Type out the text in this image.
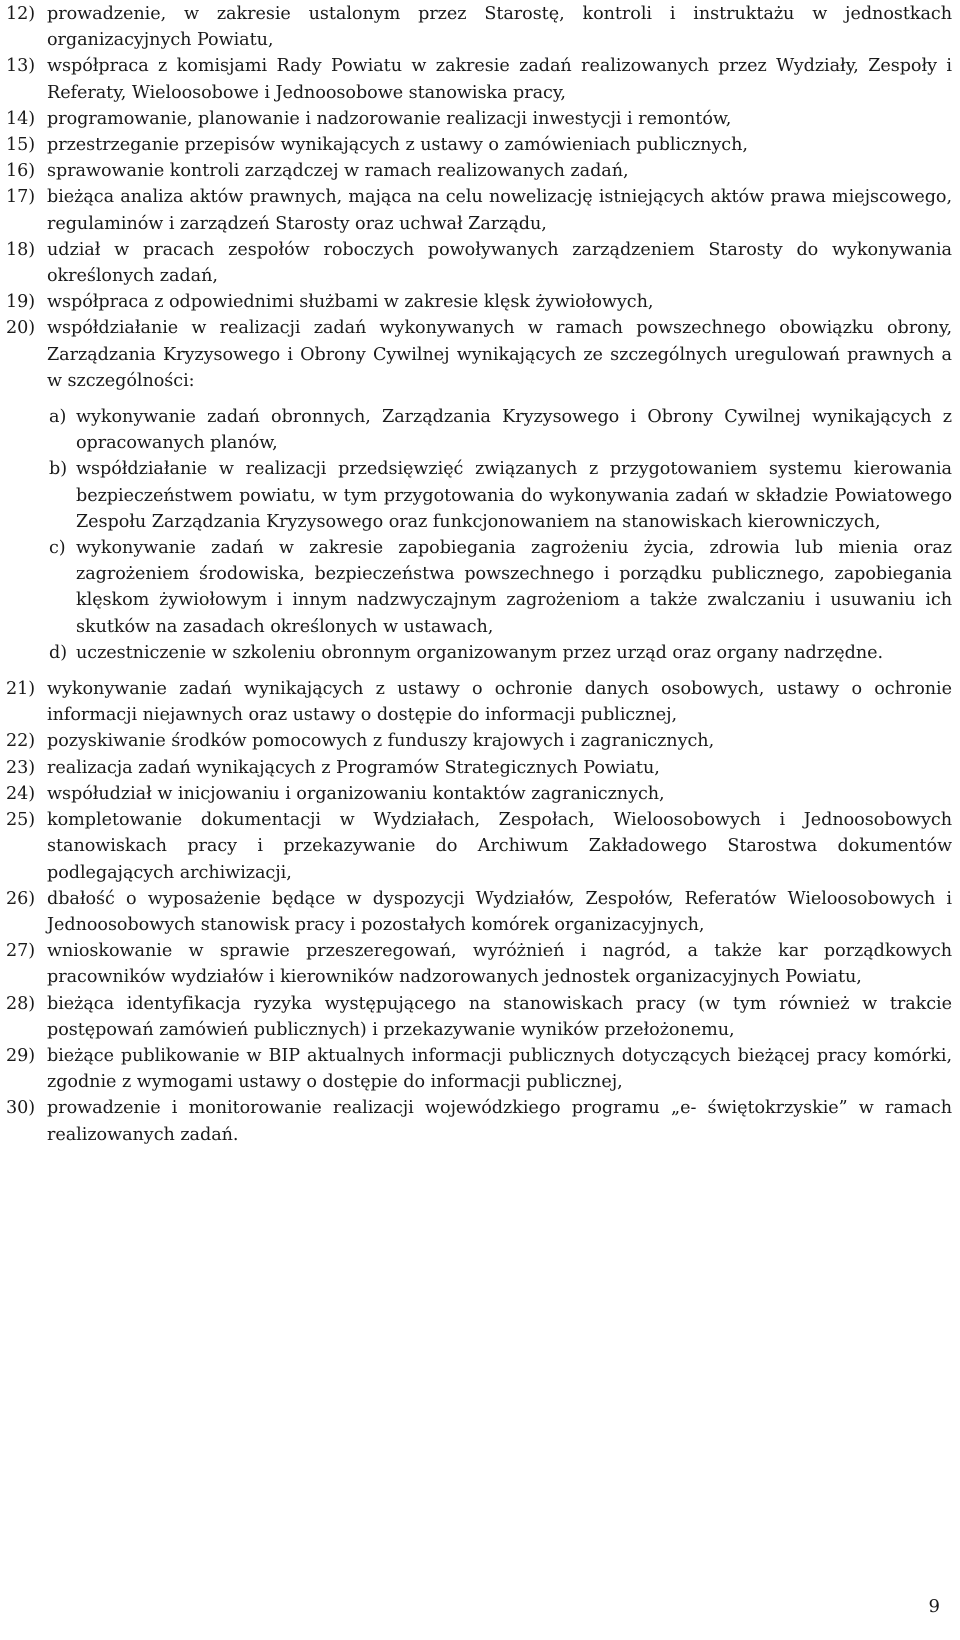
12) prowadzenie, w zakresie ustalonym przez Starostę, kontroli i instruktażu w jednostkach organizacyjnych Powiatu,
13) współpraca z komisjami Rady Powiatu w zakresie zadań realizowanych przez Wydziały, Zespoły i Referaty, Wieloosobowe i Jednoosobowe stanowiska pracy,
14) programowanie, planowanie i nadzorowanie realizacji inwestycji i remontów,
15) przestrzeganie przepisów wynikających z ustawy o zamówieniach publicznych,
16) sprawowanie kontroli zarządczej w ramach realizowanych zadań,
17) bieżąca analiza aktów prawnych, mająca na celu nowelizację istniejących aktów prawa miejscowego, regulaminów i zarządzeń Starosty oraz uchwał Zarządu,
18) udział w pracach zespołów roboczych powoływanych zarządzeniem Starosty do wykonywania określonych zadań,
19) współpraca z odpowiednimi służbami w zakresie klęsk żywiołowych,
20) współdziałanie w realizacji zadań wykonywanych w ramach powszechnego obowiązku obrony, Zarządzania Kryzysowego i Obrony Cywilnej wynikających ze szczególnych uregulowań prawnych a w szczególności:
a) wykonywanie zadań obronnych, Zarządzania Kryzysowego i Obrony Cywilnej wynikających z opracowanych planów,
b) współdziałanie w realizacji przedsięwzięć związanych z przygotowaniem systemu kierowania bezpieczeństwem powiatu, w tym przygotowania do wykonywania zadań w składzie Powiatowego Zespołu Zarządzania Kryzysowego oraz funkcjonowaniem na stanowiskach kierowniczych,
c) wykonywanie zadań w zakresie zapobiegania zagrożeniu życia, zdrowia lub mienia oraz zagrożeniem środowiska, bezpieczeństwa powszechnego i porządku publicznego, zapobiegania klęskom żywiołowym i innym nadzwyczajnym zagrożeniom a także zwalczaniu i usuwaniu ich skutków na zasadach określonych w ustawach,
d) uczestniczenie w szkoleniu obronnym organizowanym przez urząd oraz organy nadrzędne.
21) wykonywanie zadań wynikających z ustawy o ochronie danych osobowych, ustawy o ochronie informacji niejawnych oraz ustawy o dostępie do informacji publicznej,
22) pozyskiwanie środków pomocowych z funduszy krajowych i zagranicznych,
23) realizacja zadań wynikających z Programów Strategicznych Powiatu,
24) współudział w inicjowaniu i organizowaniu kontaktów zagranicznych,
25) kompletowanie dokumentacji w Wydziałach, Zespołach, Wieloosobowych i Jednoosobowych stanowiskach pracy i przekazywanie do Archiwum Zakładowego Starostwa dokumentów podlegających archiwizacji,
26) dbałość o wyposażenie będące w dyspozycji Wydziałów, Zespołów, Referatów Wieloosobowych i Jednoosobowych stanowisk pracy i pozostałych komórek organizacyjnych,
27) wnioskowanie w sprawie przeszeregowań, wyróżnień i nagród, a także kar porządkowych pracowników wydziałów i kierowników nadzorowanych jednostek organizacyjnych Powiatu,
28) bieżąca identyfikacja ryzyka występującego na stanowiskach pracy (w tym również w trakcie postępowań zamówień publicznych) i przekazywanie wyników przełożonemu,
29) bieżące publikowanie w BIP aktualnych informacji publicznych dotyczących bieżącej pracy komórki, zgodnie z wymogami ustawy o dostępie do informacji publicznej,
30) prowadzenie i monitorowanie realizacji wojewódzkiego programu „e- świętokrzyskie” w ramach realizowanych zadań.
9
